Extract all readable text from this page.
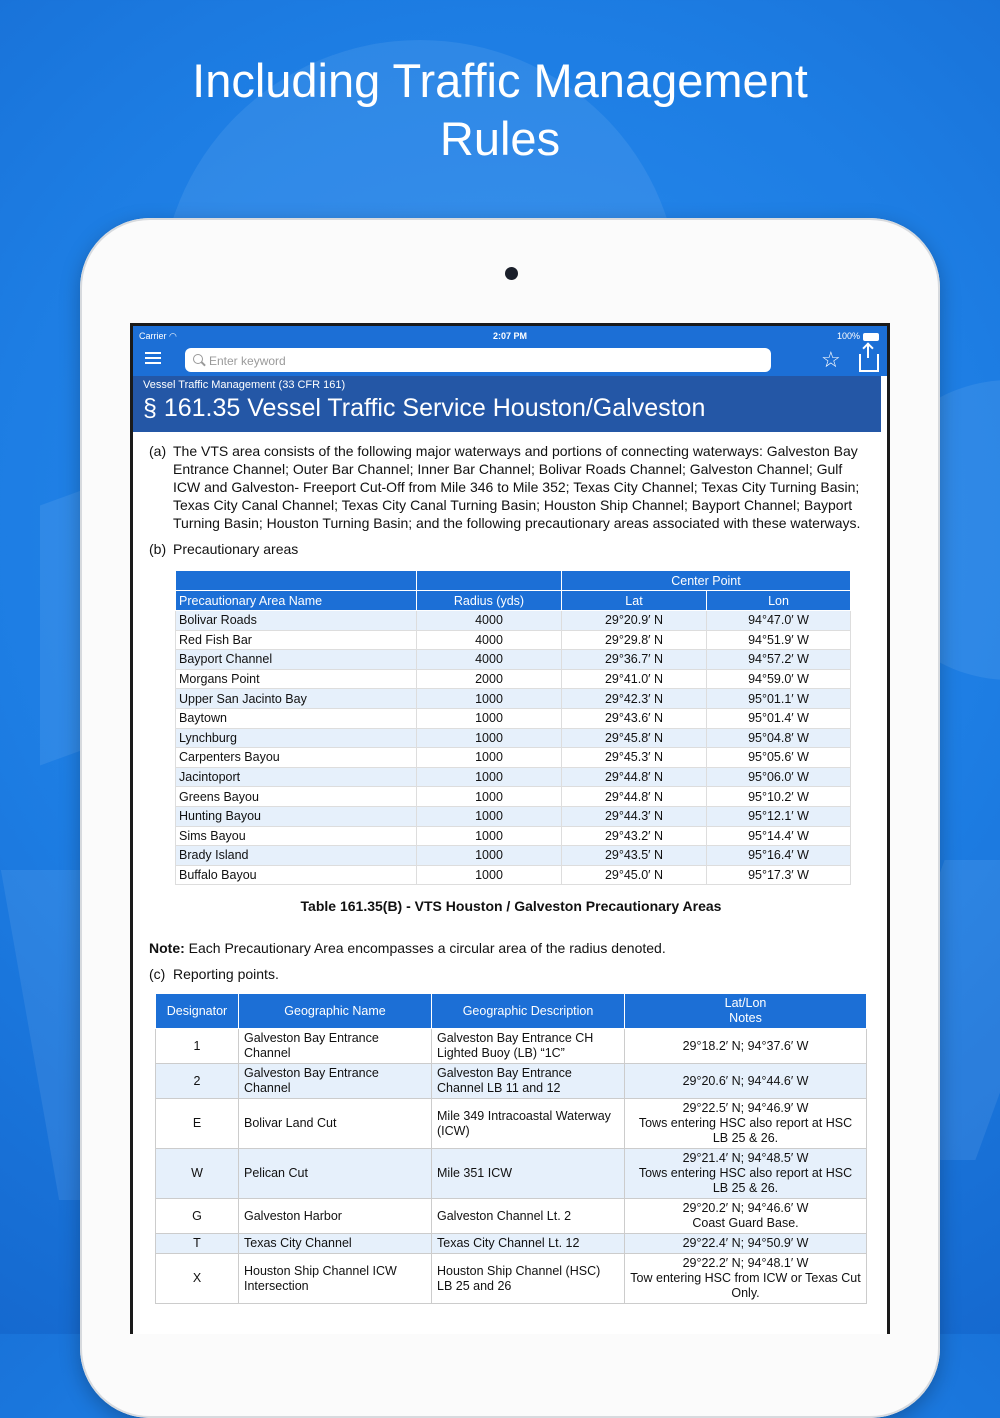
Including Traffic Management
Rules
Carrier ◠	2:07 PM	100%
Enter keyword
☆
Vessel Traffic Management (33 CFR 161)
§ 161.35 Vessel Traffic Service Houston/Galveston
(a) The VTS area consists of the following major waterways and portions of connecting waterways: Galveston Bay Entrance Channel; Outer Bar Channel; Inner Bar Channel; Bolivar Roads Channel; Galveston Channel; Gulf ICW and Galveston- Freeport Cut-Off from Mile 346 to Mile 352; Texas City Channel; Texas City Turning Basin; Texas City Canal Channel; Texas City Canal Turning Basin; Houston Ship Channel; Bayport Channel; Bayport Turning Basin; Houston Turning Basin; and the following precautionary areas associated with these waterways.
(b) Precautionary areas
		Center Point	
Precautionary Area Name	Radius (yds)	Lat	Lon
Bolivar Roads	4000	29°20.9′ N	94°47.0′ W
Red Fish Bar	4000	29°29.8′ N	94°51.9′ W
Bayport Channel	4000	29°36.7′ N	94°57.2′ W
Morgans Point	2000	29°41.0′ N	94°59.0′ W
Upper San Jacinto Bay	1000	29°42.3′ N	95°01.1′ W
Baytown	1000	29°43.6′ N	95°01.4′ W
Lynchburg	1000	29°45.8′ N	95°04.8′ W
Carpenters Bayou	1000	29°45.3′ N	95°05.6′ W
Jacintoport	1000	29°44.8′ N	95°06.0′ W
Greens Bayou	1000	29°44.8′ N	95°10.2′ W
Hunting Bayou	1000	29°44.3′ N	95°12.1′ W
Sims Bayou	1000	29°43.2′ N	95°14.4′ W
Brady Island	1000	29°43.5′ N	95°16.4′ W
Buffalo Bayou	1000	29°45.0′ N	95°17.3′ W
Table 161.35(B) - VTS Houston / Galveston Precautionary Areas
Note: Each Precautionary Area encompasses a circular area of the radius denoted.
(c) Reporting points.
Designator	Geographic Name	Geographic Description	Lat/Lon
Notes

1	Galveston Bay Entrance Channel	Galveston Bay Entrance CH Lighted Buoy (LB) “1C”	29°18.2′ N; 94°37.6′ W

2	Galveston Bay Entrance Channel	Galveston Bay Entrance Channel LB 11 and 12	29°20.6′ N; 94°44.6′ W

E	Bolivar Land Cut	Mile 349 Intracoastal Waterway (ICW)	29°22.5′ N; 94°46.9′ W
Tows entering HSC also report at HSC LB 25 & 26.

W	Pelican Cut	Mile 351 ICW	29°21.4′ N; 94°48.5′ W
Tows entering HSC also report at HSC LB 25 & 26.

G	Galveston Harbor	Galveston Channel Lt. 2	29°20.2′ N; 94°46.6′ W
Coast Guard Base.

T	Texas City Channel	Texas City Channel Lt. 12	29°22.4′ N; 94°50.9′ W

X	Houston Ship Channel ICW Intersection	Houston Ship Channel (HSC) LB 25 and 26	29°22.2′ N; 94°48.1′ W
Tow entering HSC from ICW or Texas Cut Only.
